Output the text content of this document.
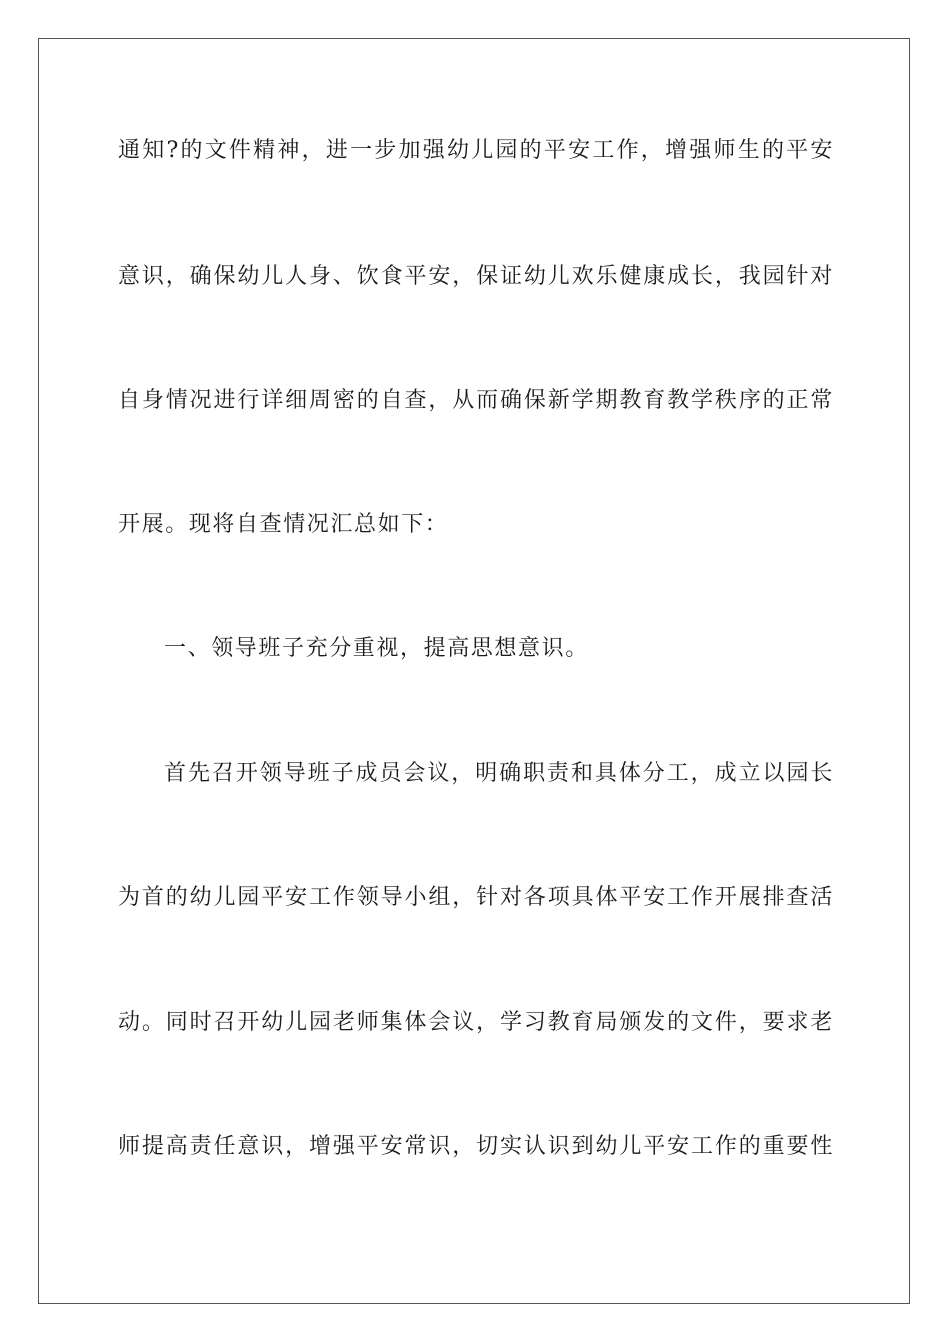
通知?的文件精神，进一步加强幼儿园的平安工作，增强师生的平安
意识，确保幼儿人身、饮食平安，保证幼儿欢乐健康成长，我园针对
自身情况进行详细周密的自查，从而确保新学期教育教学秩序的正常
开展。现将自查情况汇总如下：
一、领导班子充分重视，提高思想意识。
首先召开领导班子成员会议，明确职责和具体分工，成立以园长
为首的幼儿园平安工作领导小组，针对各项具体平安工作开展排查活
动。同时召开幼儿园老师集体会议，学习教育局颁发的文件，要求老
师提高责任意识，增强平安常识，切实认识到幼儿平安工作的重要性
